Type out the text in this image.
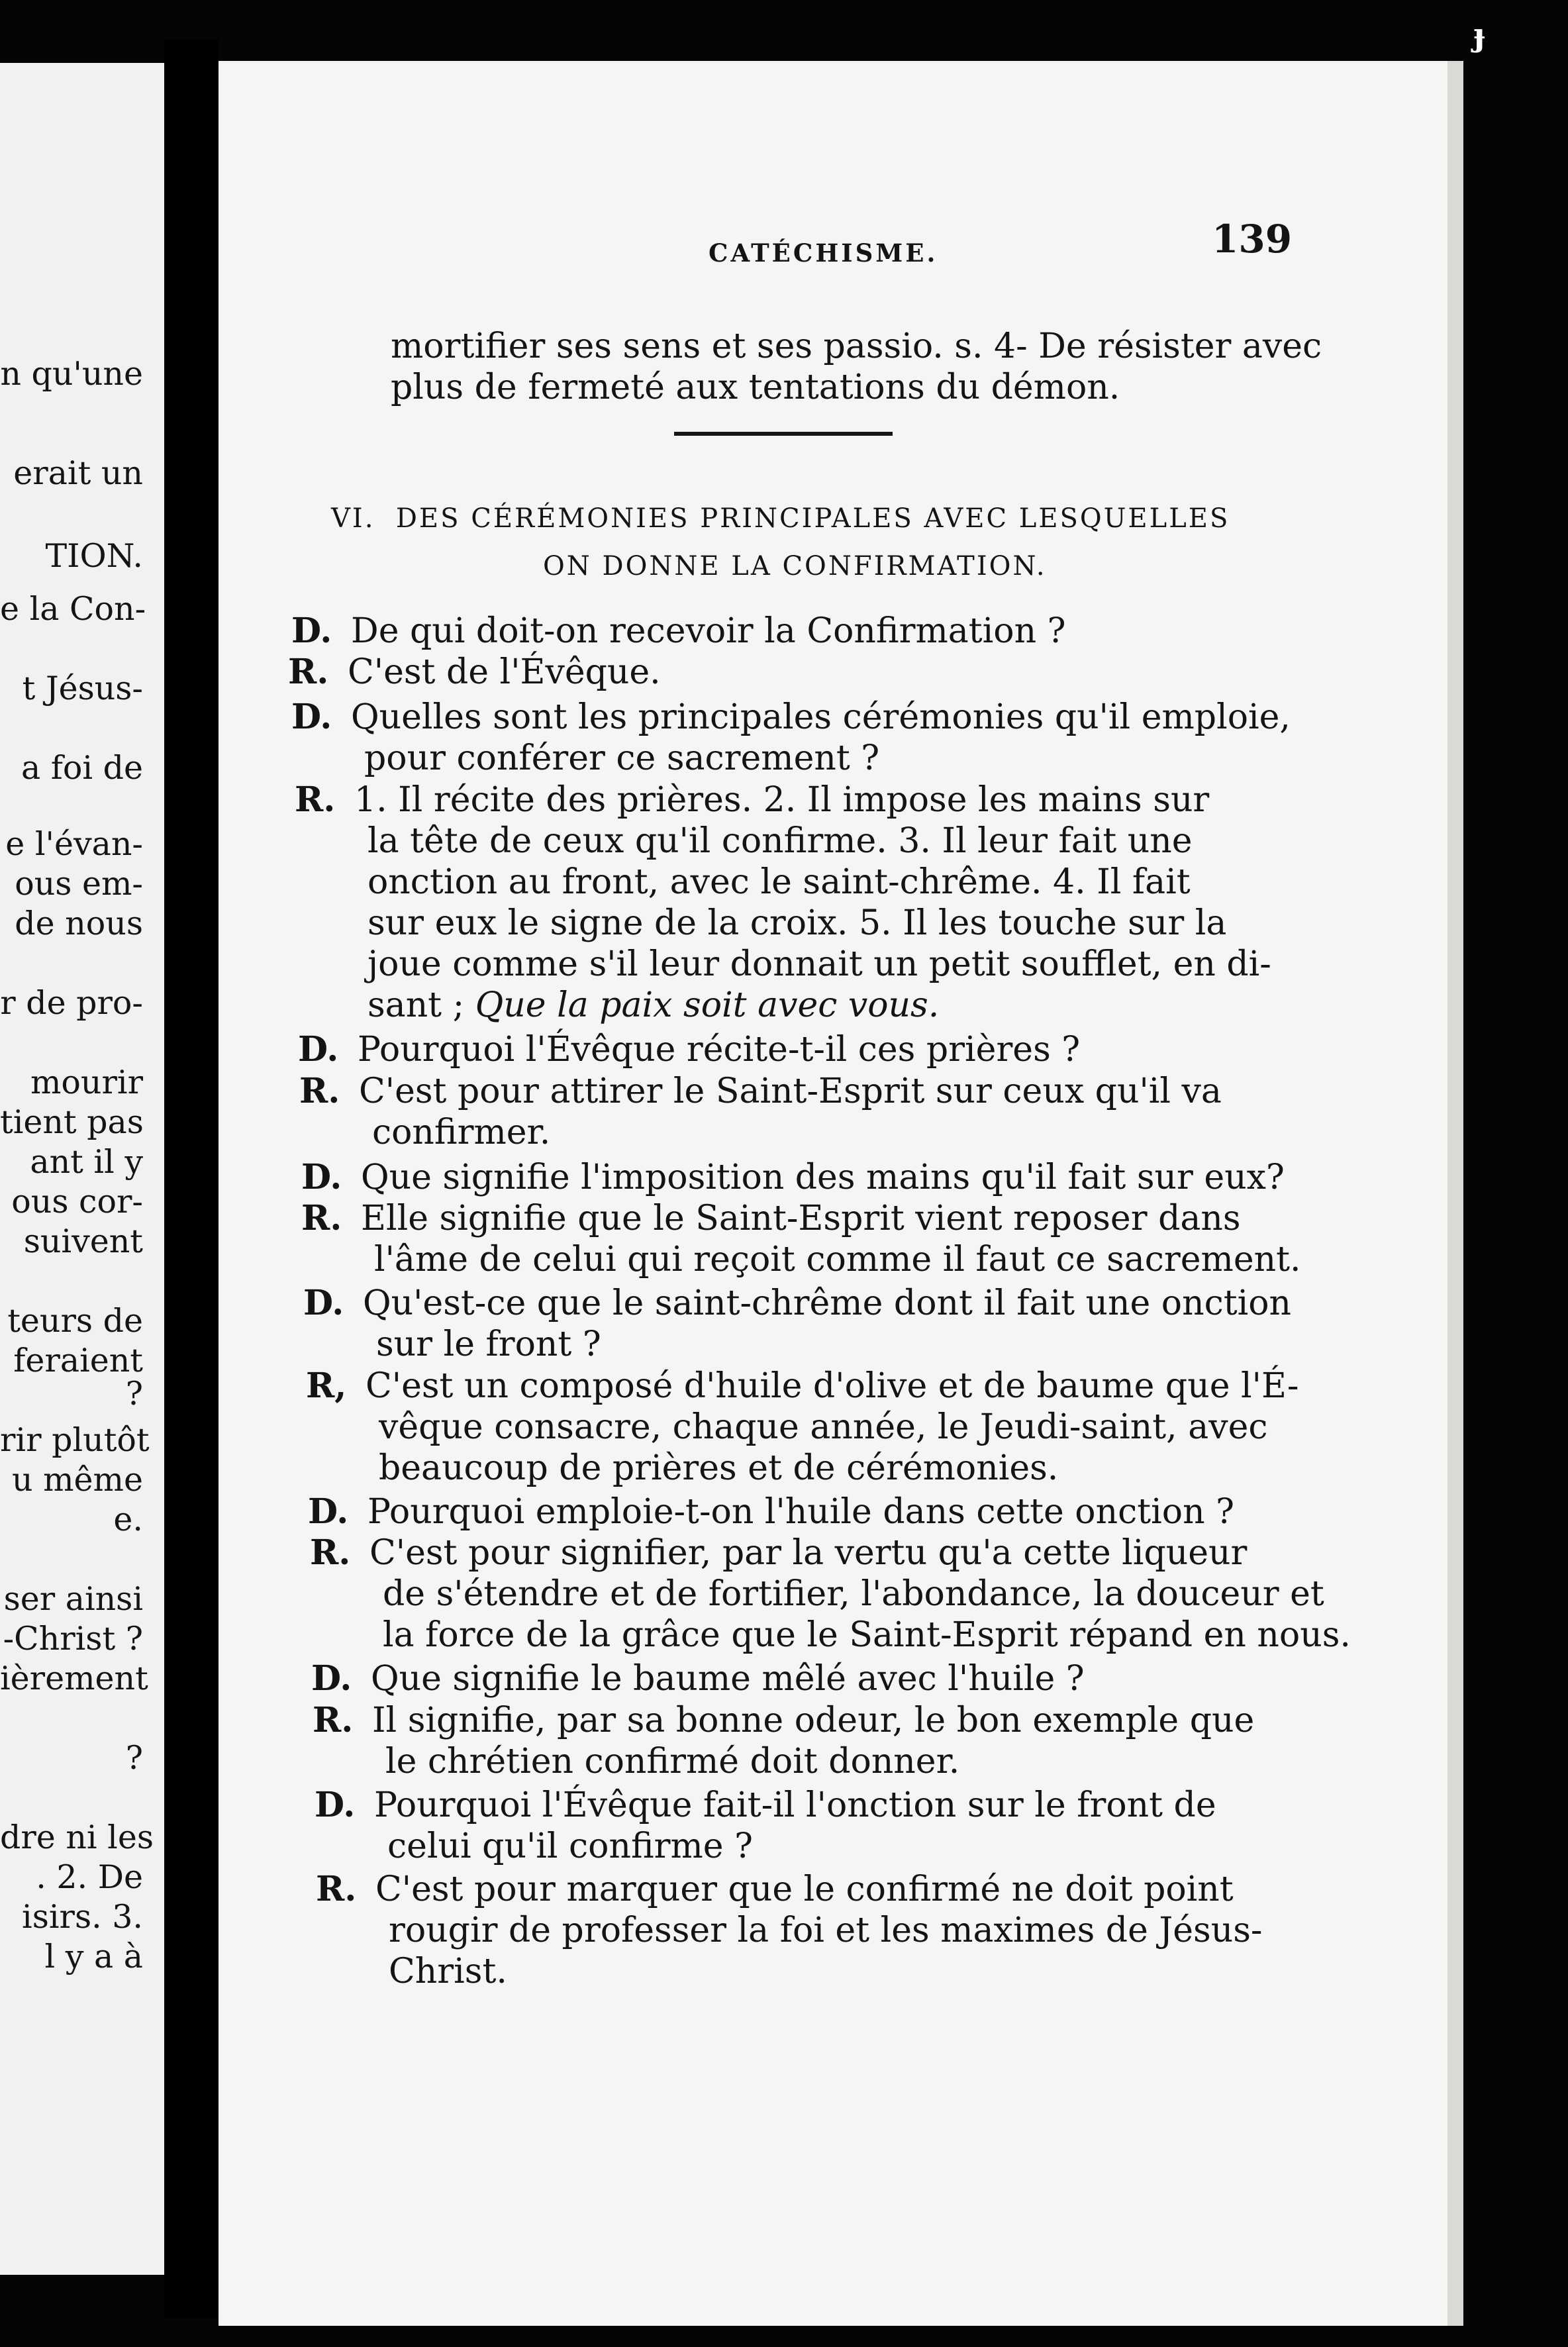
n qu'une
erait un
TION.
e la Con-
t Jésus-
a foi de
e l'évan-
ous em-
de nous
r de pro-
mourir
tient pas
ant il y
ous cor-
suivent
teurs de
feraient
?
rir plutôt
u même
e.
ser ainsi
-Christ ?
ièrement
?
dre ni les
. 2. De
isirs. 3.
l y a à
CATÉCHISME.	139
mortifier ses sens et ses passio. s. 4- De résister avec
plus de fermeté aux tentations du démon.
VI. DES CÉRÉMONIES PRINCIPALES AVEC LESQUELLES
ON DONNE LA CONFIRMATION.
D. De qui doit-on recevoir la Confirmation ?
R. C'est de l'Évêque.
D. Quelles sont les principales cérémonies qu'il emploie,
pour conférer ce sacrement ?
R. 1. Il récite des prières. 2. Il impose les mains sur
la tête de ceux qu'il confirme. 3. Il leur fait une
onction au front, avec le saint-chrême. 4. Il fait
sur eux le signe de la croix. 5. Il les touche sur la
joue comme s'il leur donnait un petit soufflet, en di-
sant ; Que la paix soit avec vous.
D. Pourquoi l'Évêque récite-t-il ces prières ?
R. C'est pour attirer le Saint-Esprit sur ceux qu'il va
confirmer.
D. Que signifie l'imposition des mains qu'il fait sur eux?
R. Elle signifie que le Saint-Esprit vient reposer dans
l'âme de celui qui reçoit comme il faut ce sacrement.
D. Qu'est-ce que le saint-chrême dont il fait une onction
sur le front ?
R, C'est un composé d'huile d'olive et de baume que l'É-
vêque consacre, chaque année, le Jeudi-saint, avec
beaucoup de prières et de cérémonies.
D. Pourquoi emploie-t-on l'huile dans cette onction ?
R. C'est pour signifier, par la vertu qu'a cette liqueur
de s'étendre et de fortifier, l'abondance, la douceur et
la force de la grâce que le Saint-Esprit répand en nous.
D. Que signifie le baume mêlé avec l'huile ?
R. Il signifie, par sa bonne odeur, le bon exemple que
le chrétien confirmé doit donner.
D. Pourquoi l'Évêque fait-il l'onction sur le front de
celui qu'il confirme ?
R. C'est pour marquer que le confirmé ne doit point
rougir de professer la foi et les maximes de Jésus-
Christ.
ɟ
